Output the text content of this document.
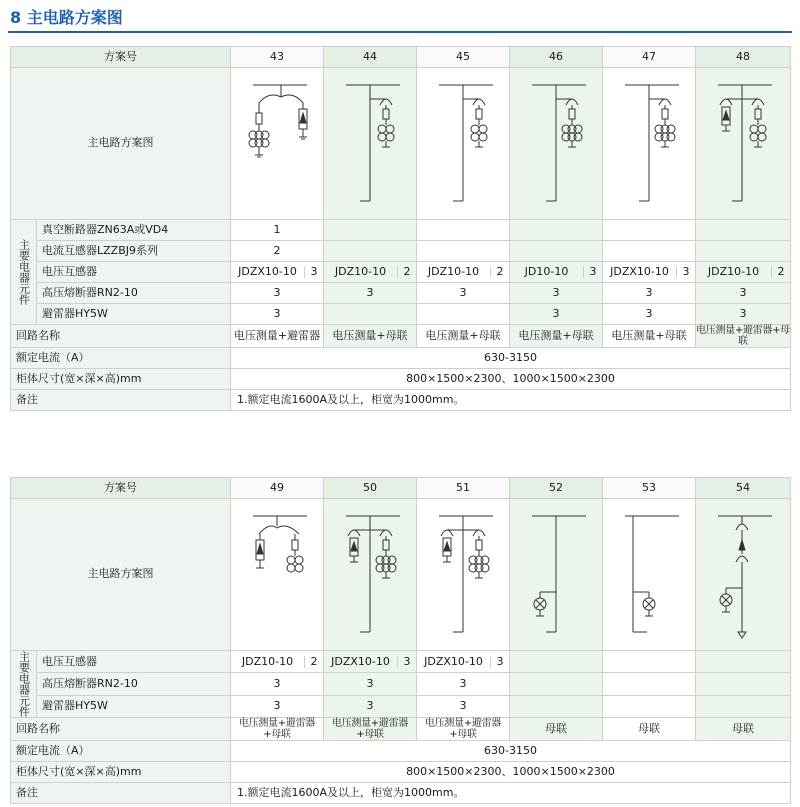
8 主电路方案图
方案号		43	44	45	46	47	48
主电路方案图	

主要电器元件	真空断路器ZN63A或VD4	1					
	电流互感器LZZBJ9系列	2					
	电压互感器	JDZX10-10 3	JDZ10-10 2	JDZ10-10 2	JD10-10 3	JDZX10-10 3	JDZ10-10 2

	高压熔断器RN2-10	3	3	3	3	3	3
	避雷器HY5W	3			3	3	3
回路名称		电压测量+避雷器	电压测量+母联	电压测量+母联	电压测量+母联	电压测量+母联	电压测量+避雷器+母联
额定电流（A）		630-3150					
柜体尺寸(宽×深×高)mm		800×1500×2300、1000×1500×2300					
备注		1.额定电流1600A及以上，柜宽为1000mm。					
方案号		49	50	51	52	53	54
主电路方案图	

主要电器元件	电压互感器	JDZ10-10 2	JDZX10-10 3	JDZX10-10 3			

	高压熔断器RN2-10	3	3	3			
	避雷器HY5W	3	3	3			
回路名称		电压测量+避雷器+母联	电压测量+避雷器+母联	电压测量+避雷器+母联	母联	母联	母联
额定电流（A）		630-3150					
柜体尺寸(宽×深×高)mm		800×1500×2300、1000×1500×2300					
备注		1.额定电流1600A及以上，柜宽为1000mm。					
